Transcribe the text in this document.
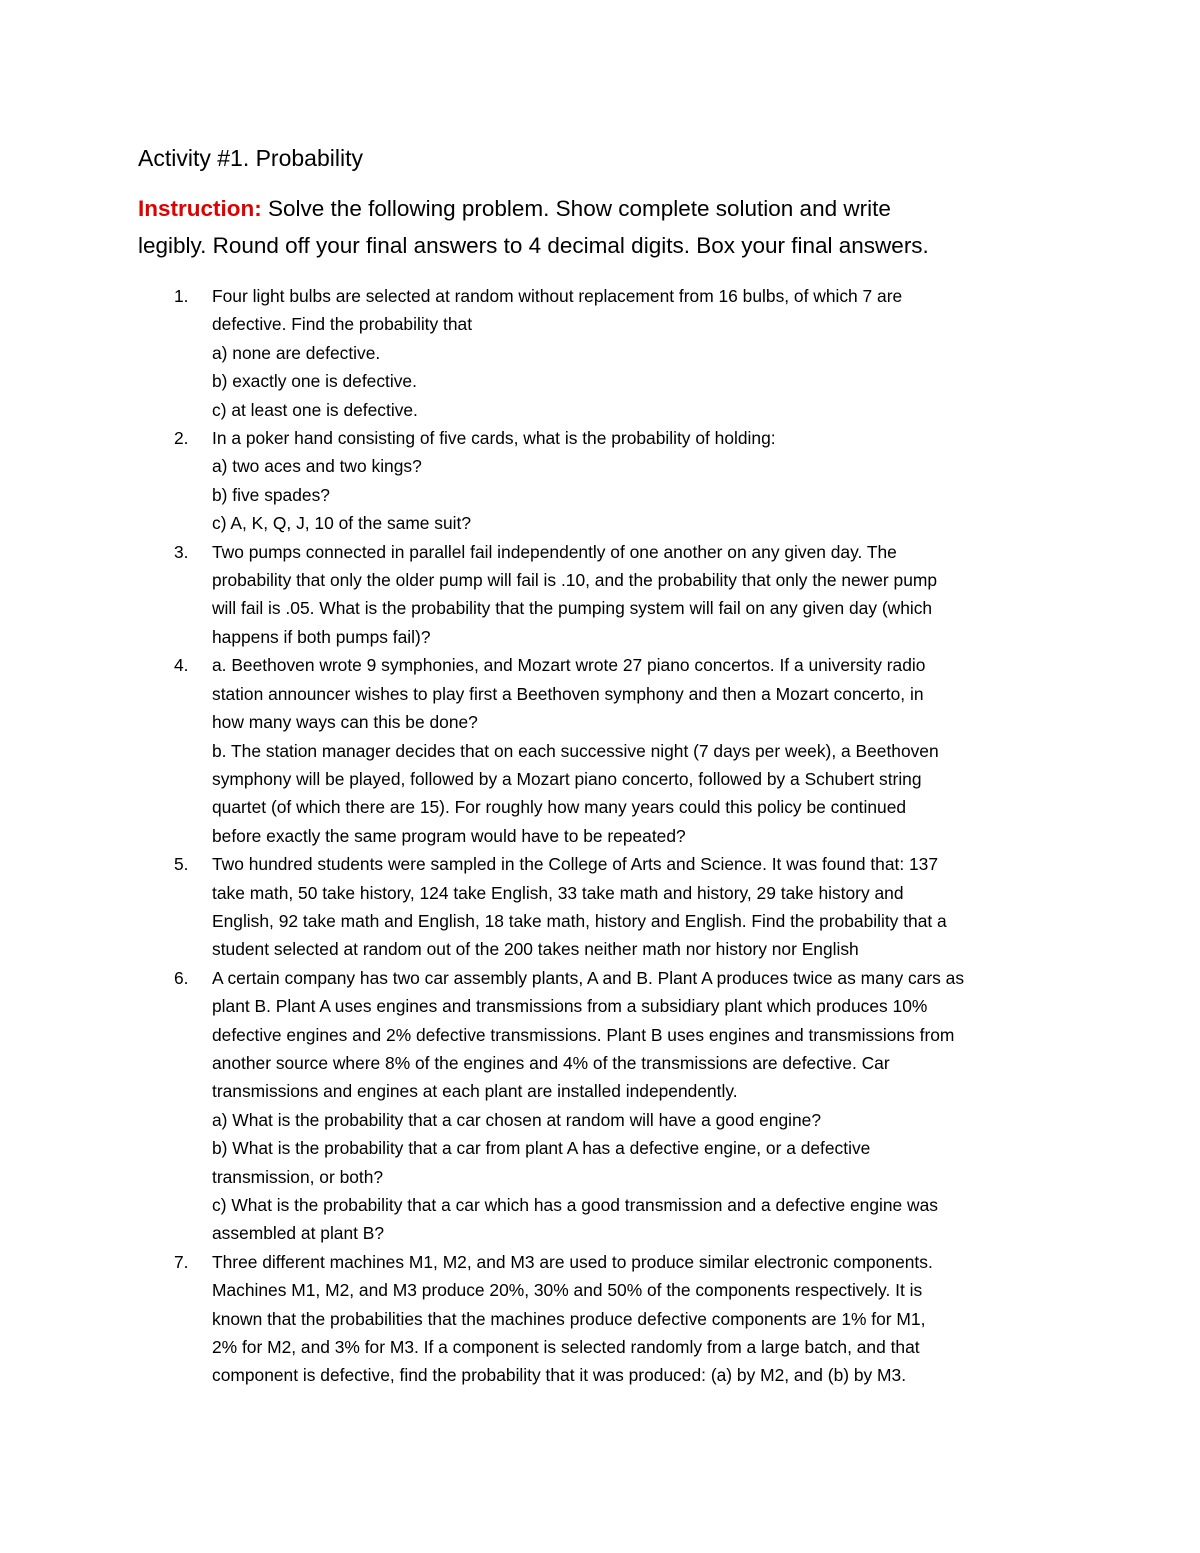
Activity #1. Probability
Instruction: Solve the following problem. Show complete solution and write
legibly. Round off your final answers to 4 decimal digits. Box your final answers.
1. Four light bulbs are selected at random without replacement from 16 bulbs, of which 7 are
defective. Find the probability that
a) none are defective.
b) exactly one is defective.
c) at least one is defective.
2. In a poker hand consisting of five cards, what is the probability of holding:
a) two aces and two kings?
b) five spades?
c) A, K, Q, J, 10 of the same suit?
3. Two pumps connected in parallel fail independently of one another on any given day. The
probability that only the older pump will fail is .10, and the probability that only the newer pump
will fail is .05. What is the probability that the pumping system will fail on any given day (which
happens if both pumps fail)?
4. a. Beethoven wrote 9 symphonies, and Mozart wrote 27 piano concertos. If a university radio
station announcer wishes to play first a Beethoven symphony and then a Mozart concerto, in
how many ways can this be done?
b. The station manager decides that on each successive night (7 days per week), a Beethoven
symphony will be played, followed by a Mozart piano concerto, followed by a Schubert string
quartet (of which there are 15). For roughly how many years could this policy be continued
before exactly the same program would have to be repeated?
5. Two hundred students were sampled in the College of Arts and Science. It was found that: 137
take math, 50 take history, 124 take English, 33 take math and history, 29 take history and
English, 92 take math and English, 18 take math, history and English. Find the probability that a
student selected at random out of the 200 takes neither math nor history nor English
6. A certain company has two car assembly plants, A and B. Plant A produces twice as many cars as
plant B. Plant A uses engines and transmissions from a subsidiary plant which produces 10%
defective engines and 2% defective transmissions. Plant B uses engines and transmissions from
another source where 8% of the engines and 4% of the transmissions are defective. Car
transmissions and engines at each plant are installed independently.
a) What is the probability that a car chosen at random will have a good engine?
b) What is the probability that a car from plant A has a defective engine, or a defective
transmission, or both?
c) What is the probability that a car which has a good transmission and a defective engine was
assembled at plant B?
7. Three different machines M1, M2, and M3 are used to produce similar electronic components.
Machines M1, M2, and M3 produce 20%, 30% and 50% of the components respectively. It is
known that the probabilities that the machines produce defective components are 1% for M1,
2% for M2, and 3% for M3. If a component is selected randomly from a large batch, and that
component is defective, find the probability that it was produced: (a) by M2, and (b) by M3.
